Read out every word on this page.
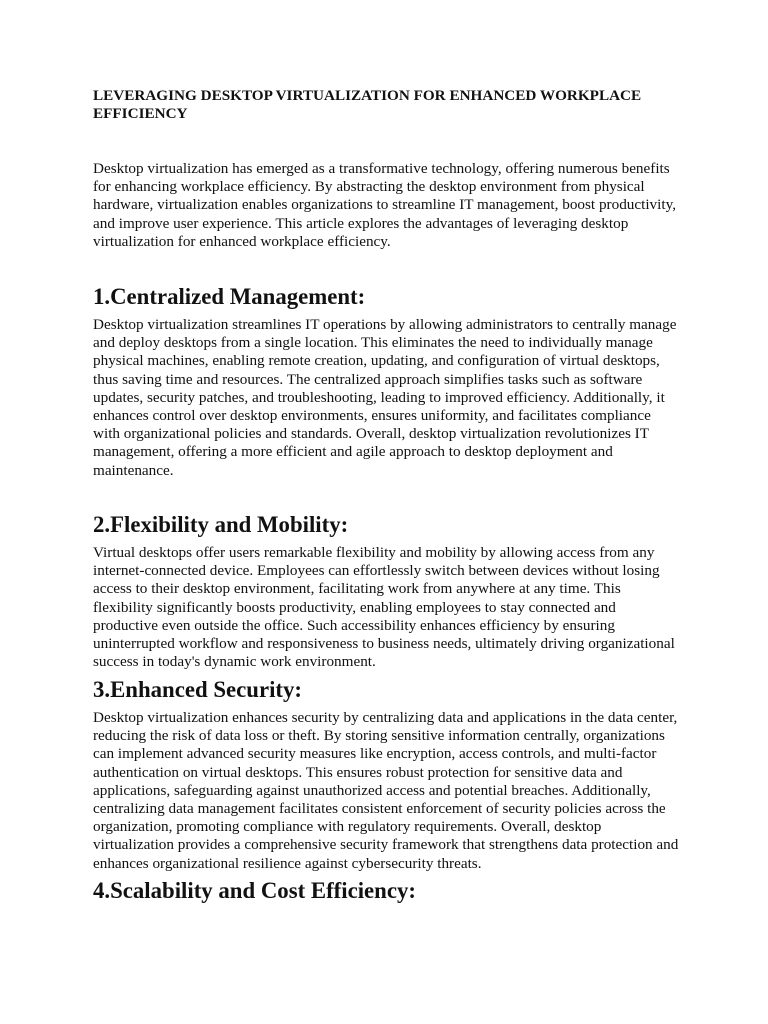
LEVERAGING DESKTOP VIRTUALIZATION FOR ENHANCED WORKPLACE EFFICIENCY

Desktop virtualization has emerged as a transformative technology, offering numerous benefits for enhancing workplace efficiency. By abstracting the desktop environment from physical hardware, virtualization enables organizations to streamline IT management, boost productivity, and improve user experience. This article explores the advantages of leveraging desktop virtualization for enhanced workplace efficiency.

1.Centralized Management:

Desktop virtualization streamlines IT operations by allowing administrators to centrally manage and deploy desktops from a single location. This eliminates the need to individually manage physical machines, enabling remote creation, updating, and configuration of virtual desktops, thus saving time and resources. The centralized approach simplifies tasks such as software updates, security patches, and troubleshooting, leading to improved efficiency. Additionally, it enhances control over desktop environments, ensures uniformity, and facilitates compliance with organizational policies and standards. Overall, desktop virtualization revolutionizes IT management, offering a more efficient and agile approach to desktop deployment and maintenance.

2.Flexibility and Mobility:

Virtual desktops offer users remarkable flexibility and mobility by allowing access from any internet-connected device. Employees can effortlessly switch between devices without losing access to their desktop environment, facilitating work from anywhere at any time. This flexibility significantly boosts productivity, enabling employees to stay connected and productive even outside the office. Such accessibility enhances efficiency by ensuring uninterrupted workflow and responsiveness to business needs, ultimately driving organizational success in today's dynamic work environment.

3.Enhanced Security:

Desktop virtualization enhances security by centralizing data and applications in the data center, reducing the risk of data loss or theft. By storing sensitive information centrally, organizations can implement advanced security measures like encryption, access controls, and multi-factor authentication on virtual desktops. This ensures robust protection for sensitive data and applications, safeguarding against unauthorized access and potential breaches. Additionally, centralizing data management facilitates consistent enforcement of security policies across the organization, promoting compliance with regulatory requirements. Overall, desktop virtualization provides a comprehensive security framework that strengthens data protection and enhances organizational resilience against cybersecurity threats.

4.Scalability and Cost Efficiency:
